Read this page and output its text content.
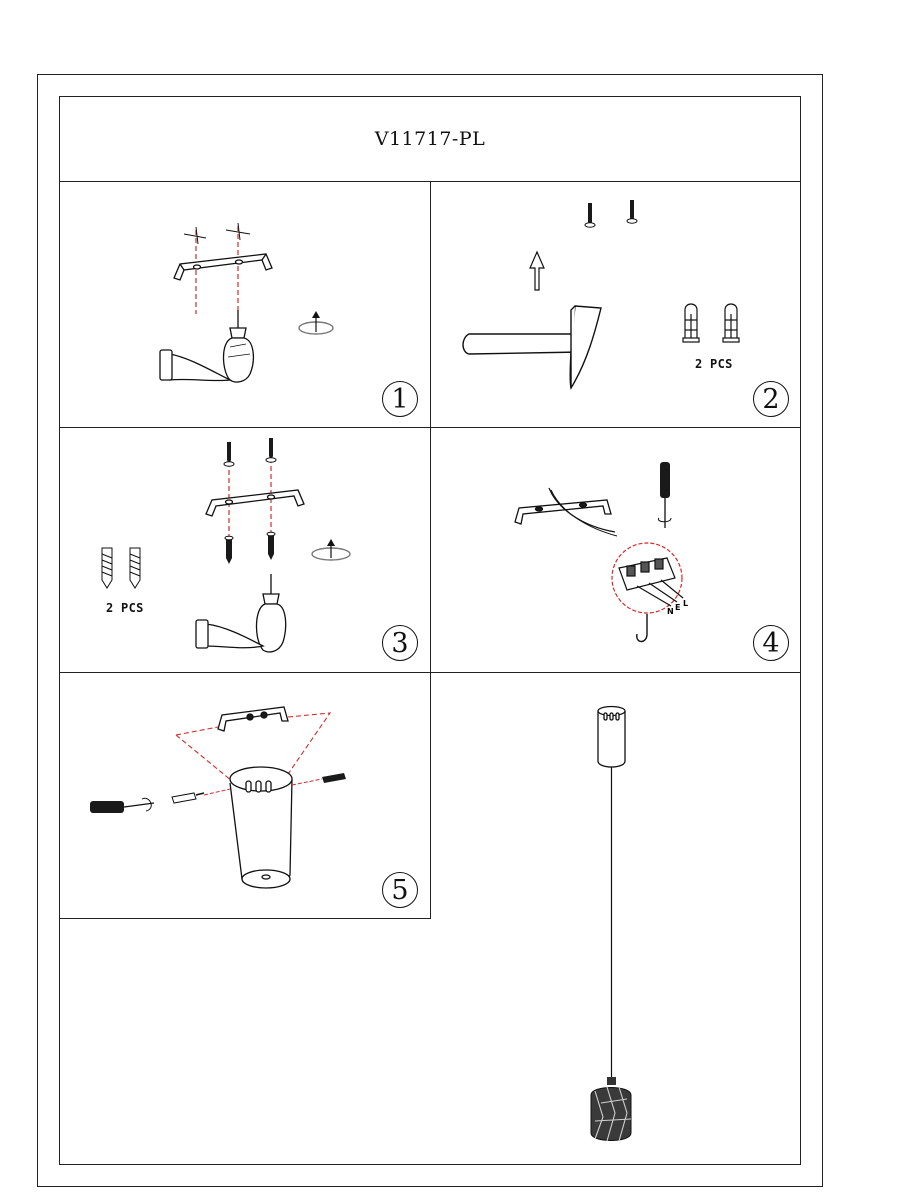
V11717-PL
1
2 PCS
2
2 PCS
3
N E L
4
5
